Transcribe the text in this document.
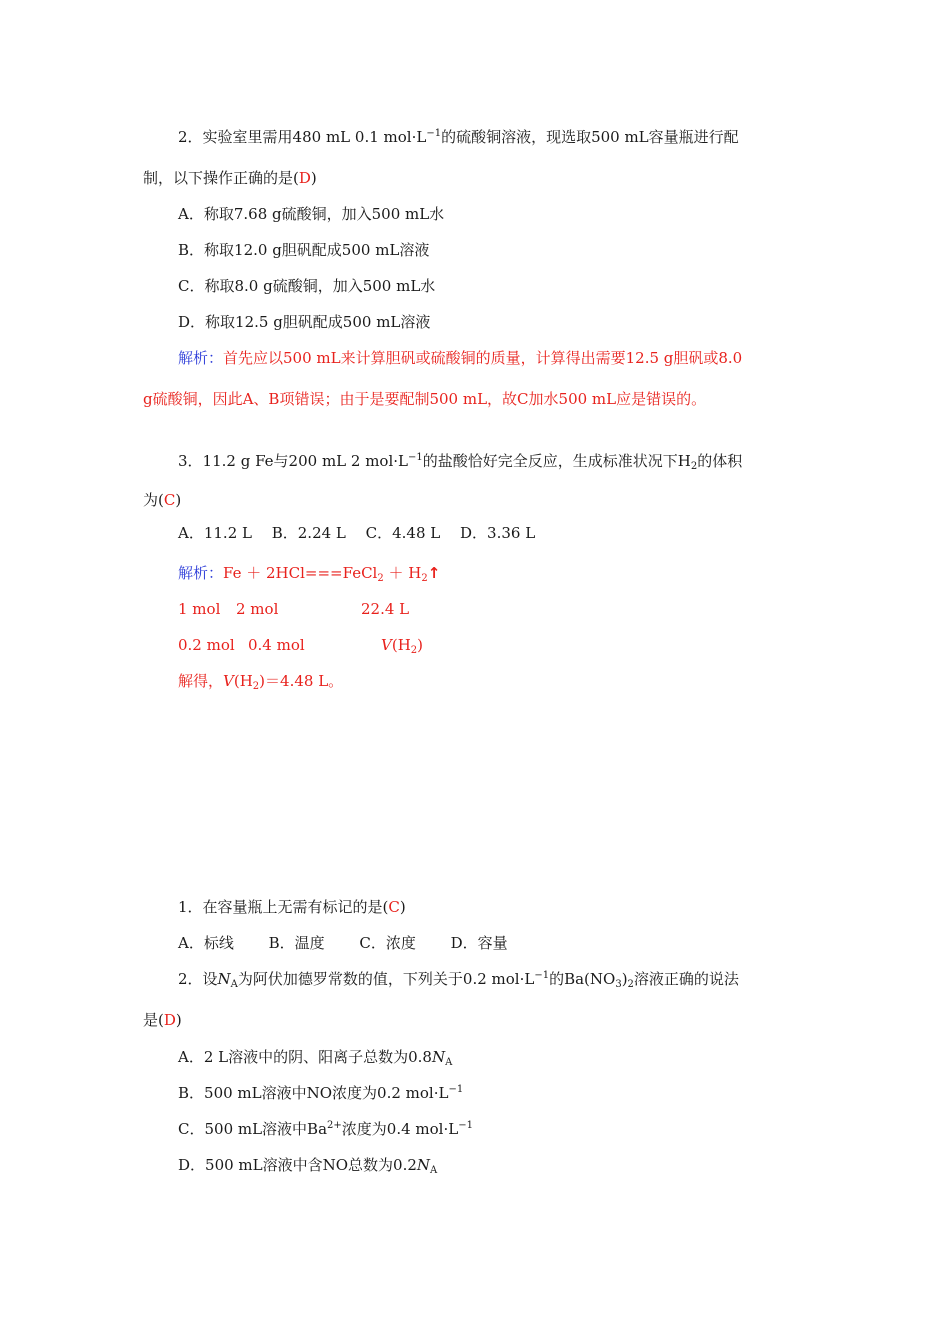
2．实验室里需用480 mL 0.1 $mol\cdot L^{-1}$的硫酸铜溶液，现选取500 mL容量瓶进行配
制，以下操作正确的是(D)
A．称取7.68 g硫酸铜，加入500 mL水
B．称取12.0 g胆矾配成500 mL溶液
C．称取8.0 g硫酸铜，加入500 mL水
D．称取12.5 g胆矾配成500 mL溶液
解析：首先应以500 mL来计算胆矾或硫酸铜的质量，计算得出需要12.5 g胆矾或8.0
g硫酸铜，因此A、B项错误；由于是要配制500 mL，故C加水500 mL应是错误的。
3．11.2 g Fe与200 mL 2 $mol\cdot L^{-1}$的盐酸恰好完全反应，生成标准状况下$H_2$的体积
为(C)
A．11.2 L　 B．2.24 L　 C．4.48 L　 D．3.36 L
解析：Fe ＋ 2HCl===FeCl$_2$ ＋ $H_2↑$
1 mol 2 mol	22.4 L
0.2 mol 0.4 mol	$V(H_2)$
解得，$V(H_2)=4.48$ L。
1．在容量瓶上无需有标记的是(C)
A．标线　　 B．温度　　 C．浓度　　 D．容量
2．设$N_A$为阿伏加德罗常数的值，下列关于0.2 $mol\cdot L^{-1}$的$Ba(NO_3)_2$溶液正确的说法
是(D)
A．2 L溶液中的阴、阳离子总数为$0.8N_A$
B．500 mL溶液中NO浓度为0.2 $mol\cdot L^{-1}$
C．500 mL溶液中$Ba^{2+}$浓度为0.4 $mol\cdot L^{-1}$
D．500 mL溶液中含NO总数为$0.2N_A$
